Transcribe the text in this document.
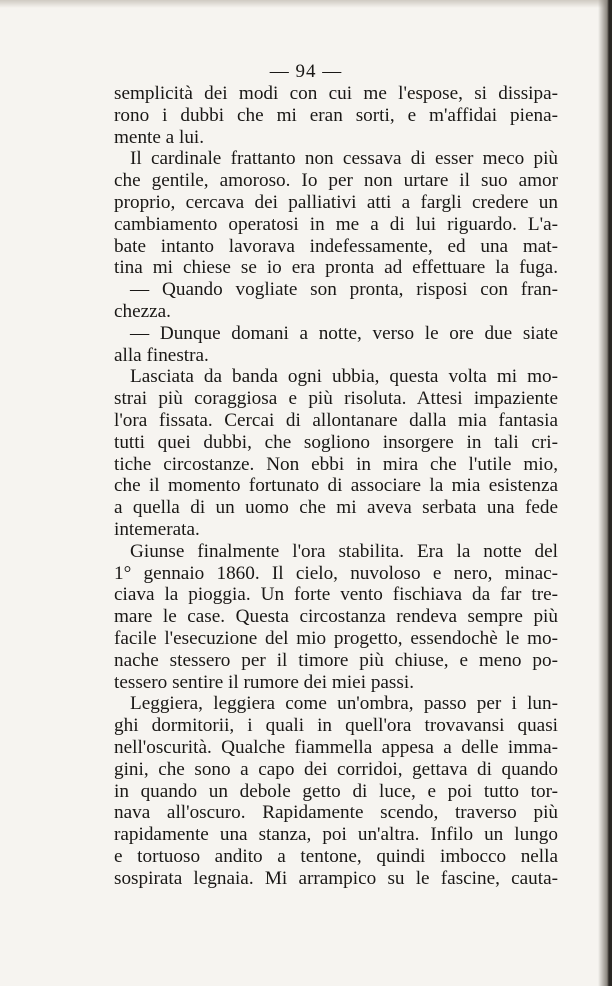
— 94 —
semplicità dei modi con cui me l'espose, si dissipa-
rono i dubbi che mi eran sorti, e m'affidai piena-
mente a lui.
Il cardinale frattanto non cessava di esser meco più
che gentile, amoroso. Io per non urtare il suo amor
proprio, cercava dei palliativi atti a fargli credere un
cambiamento operatosi in me a di lui riguardo. L'a-
bate intanto lavorava indefessamente, ed una mat-
tina mi chiese se io era pronta ad effettuare la fuga.
— Quando vogliate son pronta, risposi con fran-
chezza.
— Dunque domani a notte, verso le ore due siate
alla finestra.
Lasciata da banda ogni ubbia, questa volta mi mo-
strai più coraggiosa e più risoluta. Attesi impaziente
l'ora fissata. Cercai di allontanare dalla mia fantasia
tutti quei dubbi, che sogliono insorgere in tali cri-
tiche circostanze. Non ebbi in mira che l'utile mio,
che il momento fortunato di associare la mia esistenza
a quella di un uomo che mi aveva serbata una fede
intemerata.
Giunse finalmente l'ora stabilita. Era la notte del
1° gennaio 1860. Il cielo, nuvoloso e nero, minac-
ciava la pioggia. Un forte vento fischiava da far tre-
mare le case. Questa circostanza rendeva sempre più
facile l'esecuzione del mio progetto, essendochè le mo-
nache stessero per il timore più chiuse, e meno po-
tessero sentire il rumore dei miei passi.
Leggiera, leggiera come un'ombra, passo per i lun-
ghi dormitorii, i quali in quell'ora trovavansi quasi
nell'oscurità. Qualche fiammella appesa a delle imma-
gini, che sono a capo dei corridoi, gettava di quando
in quando un debole getto di luce, e poi tutto tor-
nava all'oscuro. Rapidamente scendo, traverso più
rapidamente una stanza, poi un'altra. Infilo un lungo
e tortuoso andito a tentone, quindi imbocco nella
sospirata legnaia. Mi arrampico su le fascine, cauta-
